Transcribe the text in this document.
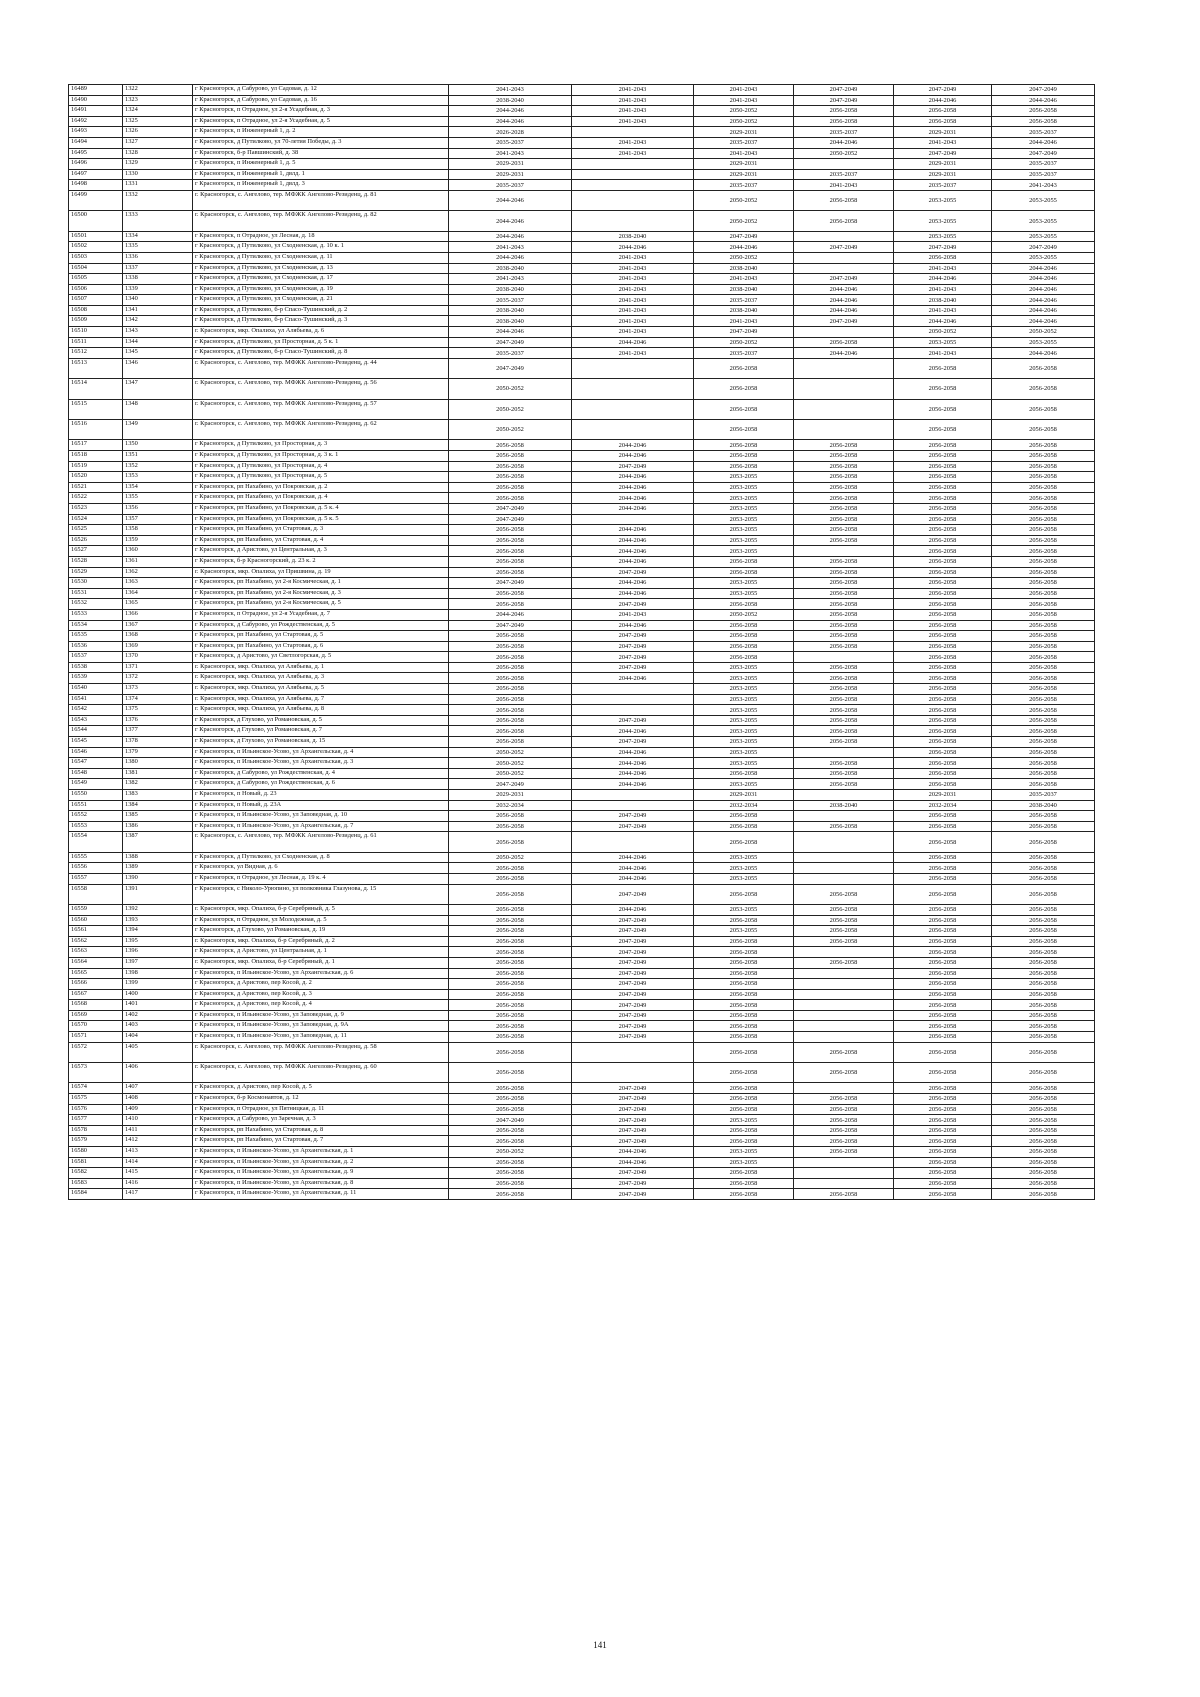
16489	1322	г Красногорск, д Сабурово, ул Садовая, д. 12	2041-2043	2041-2043	2041-2043	2047-2049	2047-2049	2047-2049
16490	1323	г Красногорск, д Сабурово, ул Садовая, д. 16	2038-2040	2041-2043	2041-2043	2047-2049	2044-2046	2044-2046
16491	1324	г Красногорск, п Отрадное, ул 2-я Усадебная, д. 3	2044-2046	2041-2043	2050-2052	2056-2058	2056-2058	2056-2058
16492	1325	г Красногорск, п Отрадное, ул 2-я Усадебная, д. 5	2044-2046	2041-2043	2050-2052	2056-2058	2056-2058	2056-2058
16493	1326	г Красногорск, п Инженерный 1, д. 2	2026-2028		2029-2031	2035-2037	2029-2031	2035-2037
16494	1327	г Красногорск, д Путилково, ул 70-летия Победы, д. 3	2035-2037	2041-2043	2035-2037	2044-2046	2041-2043	2044-2046
16495	1328	г Красногорск, б-р Павшинский, д. 38	2041-2043	2041-2043	2041-2043	2050-2052	2047-2049	2047-2049
16496	1329	г Красногорск, п Инженерный 1, д. 5	2029-2031		2029-2031		2029-2031	2035-2037
16497	1330	г Красногорск, п Инженерный 1, двлд. 1	2029-2031		2029-2031	2035-2037	2029-2031	2035-2037
16498	1331	г Красногорск, п Инженерный 1, двлд. 3	2035-2037		2035-2037	2041-2043	2035-2037	2041-2043
16499	1332	г. Красногорск, с. Ангелово, тер. МФЖК Ангелово-Резиденц, д. 81	2044-2046		2050-2052	2056-2058	2053-2055	2053-2055
16500	1333	г. Красногорск, с. Ангелово, тер. МФЖК Ангелово-Резиденц, д. 82	2044-2046		2050-2052	2056-2058	2053-2055	2053-2055
16501	1334	г Красногорск, п Отрадное, ул Лесная, д. 18	2044-2046	2038-2040	2047-2049		2053-2055	2053-2055
16502	1335	г Красногорск, д Путилково, ул Сходненская, д. 10 к. 1	2041-2043	2044-2046	2044-2046	2047-2049	2047-2049	2047-2049
16503	1336	г Красногорск, д Путилково, ул Сходненская, д. 11	2044-2046	2041-2043	2050-2052		2056-2058	2053-2055
16504	1337	г Красногорск, д Путилково, ул Сходненская, д. 13	2038-2040	2041-2043	2038-2040		2041-2043	2044-2046
16505	1338	г Красногорск, д Путилково, ул Сходненская, д. 17	2041-2043	2041-2043	2041-2043	2047-2049	2044-2046	2044-2046
16506	1339	г Красногорск, д Путилково, ул Сходненская, д. 19	2038-2040	2041-2043	2038-2040	2044-2046	2041-2043	2044-2046
16507	1340	г Красногорск, д Путилково, ул Сходненская, д. 21	2035-2037	2041-2043	2035-2037	2044-2046	2038-2040	2044-2046
16508	1341	г Красногорск, д Путилково, б-р Спасо-Тушинский, д. 2	2038-2040	2041-2043	2038-2040	2044-2046	2041-2043	2044-2046
16509	1342	г Красногорск, д Путилково, б-р Спасо-Тушинский, д. 3	2038-2040	2041-2043	2041-2043	2047-2049	2044-2046	2044-2046
16510	1343	г. Красногорск, мкр. Опалиха, ул Алябьева, д. 6	2044-2046	2041-2043	2047-2049		2050-2052	2050-2052
16511	1344	г Красногорск, д Путилково, ул Просторная, д. 5 к. 1	2047-2049	2044-2046	2050-2052	2056-2058	2053-2055	2053-2055
16512	1345	г Красногорск, д Путилково, б-р Спасо-Тушинский, д. 8	2035-2037	2041-2043	2035-2037	2044-2046	2041-2043	2044-2046
16513	1346	г. Красногорск, с. Ангелово, тер. МФЖК Ангелово-Резиденц, д. 44	2047-2049		2056-2058		2056-2058	2056-2058
16514	1347	г. Красногорск, с. Ангелово, тер. МФЖК Ангелово-Резиденц, д. 56	2050-2052		2056-2058		2056-2058	2056-2058
16515	1348	г. Красногорск, с. Ангелово, тер. МФЖК Ангелово-Резиденц, д. 57	2050-2052		2056-2058		2056-2058	2056-2058
16516	1349	г. Красногорск, с. Ангелово, тер. МФЖК Ангелово-Резиденц, д. 62	2050-2052		2056-2058		2056-2058	2056-2058
16517	1350	г Красногорск, д Путилково, ул Просторная, д. 3	2056-2058	2044-2046	2056-2058	2056-2058	2056-2058	2056-2058
16518	1351	г Красногорск, д Путилково, ул Просторная, д. 3 к. 1	2056-2058	2044-2046	2056-2058	2056-2058	2056-2058	2056-2058
16519	1352	г Красногорск, д Путилково, ул Просторная, д. 4	2056-2058	2047-2049	2056-2058	2056-2058	2056-2058	2056-2058
16520	1353	г Красногорск, д Путилково, ул Просторная, д. 5	2056-2058	2044-2046	2053-2055	2056-2058	2056-2058	2056-2058
16521	1354	г Красногорск, рп Нахабино, ул Покровская, д. 2	2056-2058	2044-2046	2053-2055	2056-2058	2056-2058	2056-2058
16522	1355	г Красногорск, рп Нахабино, ул Покровская, д. 4	2056-2058	2044-2046	2053-2055	2056-2058	2056-2058	2056-2058
16523	1356	г Красногорск, рп Нахабино, ул Покровская, д. 5 к. 4	2047-2049	2044-2046	2053-2055	2056-2058	2056-2058	2056-2058
16524	1357	г Красногорск, рп Нахабино, ул Покровская, д. 5 к. 5	2047-2049		2053-2055	2056-2058	2056-2058	2056-2058
16525	1358	г Красногорск, рп Нахабино, ул Стартовая, д. 3	2056-2058	2044-2046	2053-2055	2056-2058	2056-2058	2056-2058
16526	1359	г Красногорск, рп Нахабино, ул Стартовая, д. 4	2056-2058	2044-2046	2053-2055	2056-2058	2056-2058	2056-2058
16527	1360	г Красногорск, д Аристово, ул Центральная, д. 3	2056-2058	2044-2046	2053-2055		2056-2058	2056-2058
16528	1361	г Красногорск, б-р Красногорский, д. 23 к. 2	2056-2058	2044-2046	2056-2058	2056-2058	2056-2058	2056-2058
16529	1362	г. Красногорск, мкр. Опалиха, ул Пришвина, д. 19	2056-2058	2047-2049	2056-2058	2056-2058	2056-2058	2056-2058
16530	1363	г Красногорск, рп Нахабино, ул 2-я Космическая, д. 1	2047-2049	2044-2046	2053-2055	2056-2058	2056-2058	2056-2058
16531	1364	г Красногорск, рп Нахабино, ул 2-я Космическая, д. 3	2056-2058	2044-2046	2053-2055	2056-2058	2056-2058	2056-2058
16532	1365	г Красногорск, рп Нахабино, ул 2-я Космическая, д. 5	2056-2058	2047-2049	2056-2058	2056-2058	2056-2058	2056-2058
16533	1366	г Красногорск, п Отрадное, ул 2-я Усадебная, д. 7	2044-2046	2041-2043	2050-2052	2056-2058	2056-2058	2056-2058
16534	1367	г Красногорск, д Сабурово, ул Рождественская, д. 5	2047-2049	2044-2046	2056-2058	2056-2058	2056-2058	2056-2058
16535	1368	г Красногорск, рп Нахабино, ул Стартовая, д. 5	2056-2058	2047-2049	2056-2058	2056-2058	2056-2058	2056-2058
16536	1369	г Красногорск, рп Нахабино, ул Стартовая, д. 6	2056-2058	2047-2049	2056-2058	2056-2058	2056-2058	2056-2058
16537	1370	г Красногорск, д Аристово, ул Светлогорская, д. 5	2056-2058	2047-2049	2056-2058		2056-2058	2056-2058
16538	1371	г. Красногорск, мкр. Опалиха, ул Алябьева, д. 1	2056-2058	2047-2049	2053-2055	2056-2058	2056-2058	2056-2058
16539	1372	г. Красногорск, мкр. Опалиха, ул Алябьева, д. 3	2056-2058	2044-2046	2053-2055	2056-2058	2056-2058	2056-2058
16540	1373	г. Красногорск, мкр. Опалиха, ул Алябьева, д. 5	2056-2058		2053-2055	2056-2058	2056-2058	2056-2058
16541	1374	г. Красногорск, мкр. Опалиха, ул Алябьева, д. 7	2056-2058		2053-2055	2056-2058	2056-2058	2056-2058
16542	1375	г. Красногорск, мкр. Опалиха, ул Алябьева, д. 8	2056-2058		2053-2055	2056-2058	2056-2058	2056-2058
16543	1376	г Красногорск, д Глухово, ул Романовская, д. 5	2056-2058	2047-2049	2053-2055	2056-2058	2056-2058	2056-2058
16544	1377	г Красногорск, д Глухово, ул Романовская, д. 7	2056-2058	2044-2046	2053-2055	2056-2058	2056-2058	2056-2058
16545	1378	г Красногорск, д Глухово, ул Романовская, д. 15	2056-2058	2047-2049	2053-2055	2056-2058	2056-2058	2056-2058
16546	1379	г Красногорск, п Ильинское-Усово, ул Архангельская, д. 4	2050-2052	2044-2046	2053-2055		2056-2058	2056-2058
16547	1380	г Красногорск, п Ильинское-Усово, ул Архангельская, д. 3	2050-2052	2044-2046	2053-2055	2056-2058	2056-2058	2056-2058
16548	1381	г Красногорск, д Сабурово, ул Рождественская, д. 4	2050-2052	2044-2046	2056-2058	2056-2058	2056-2058	2056-2058
16549	1382	г Красногорск, д Сабурово, ул Рождественская, д. 6	2047-2049	2044-2046	2053-2055	2056-2058	2056-2058	2056-2058
16550	1383	г Красногорск, п Новый, д. 23	2029-2031		2029-2031		2029-2031	2035-2037
16551	1384	г Красногорск, п Новый, д. 23А	2032-2034		2032-2034	2038-2040	2032-2034	2038-2040
16552	1385	г Красногорск, п Ильинское-Усово, ул Заповедная, д. 10	2056-2058	2047-2049	2056-2058		2056-2058	2056-2058
16553	1386	г Красногорск, п Ильинское-Усово, ул Архангельская, д. 7	2056-2058	2047-2049	2056-2058	2056-2058	2056-2058	2056-2058
16554	1387	г. Красногорск, с. Ангелово, тер. МФЖК Ангелово-Резиденц, д. 61	2056-2058		2056-2058		2056-2058	2056-2058
16555	1388	г Красногорск, д Путилково, ул Сходненская, д. 8	2050-2052	2044-2046	2053-2055		2056-2058	2056-2058
16556	1389	г Красногорск, ул Видная, д. 6	2056-2058	2044-2046	2053-2055		2056-2058	2056-2058
16557	1390	г Красногорск, п Отрадное, ул Лесная, д. 19 к. 4	2056-2058	2044-2046	2053-2055		2056-2058	2056-2058
16558	1391	г Красногорск, с Николо-Урюпино, ул полковника Глазунова, д. 15	2056-2058	2047-2049	2056-2058	2056-2058	2056-2058	2056-2058
16559	1392	г. Красногорск, мкр. Опалиха, б-р Серебряный, д. 5	2056-2058	2044-2046	2053-2055	2056-2058	2056-2058	2056-2058
16560	1393	г Красногорск, п Отрадное, ул Молодежная, д. 5	2056-2058	2047-2049	2056-2058	2056-2058	2056-2058	2056-2058
16561	1394	г Красногорск, д Глухово, ул Романовская, д. 19	2056-2058	2047-2049	2053-2055	2056-2058	2056-2058	2056-2058
16562	1395	г. Красногорск, мкр. Опалиха, б-р Серебряный, д. 2	2056-2058	2047-2049	2056-2058	2056-2058	2056-2058	2056-2058
16563	1396	г Красногорск, д Аристово, ул Центральная, д. 1	2056-2058	2047-2049	2056-2058		2056-2058	2056-2058
16564	1397	г. Красногорск, мкр. Опалиха, б-р Серебряный, д. 1	2056-2058	2047-2049	2056-2058	2056-2058	2056-2058	2056-2058
16565	1398	г Красногорск, п Ильинское-Усово, ул Архангельская, д. 6	2056-2058	2047-2049	2056-2058		2056-2058	2056-2058
16566	1399	г Красногорск, д Аристово, пер Косой, д. 2	2056-2058	2047-2049	2056-2058		2056-2058	2056-2058
16567	1400	г Красногорск, д Аристово, пер Косой, д. 3	2056-2058	2047-2049	2056-2058		2056-2058	2056-2058
16568	1401	г Красногорск, д Аристово, пер Косой, д. 4	2056-2058	2047-2049	2056-2058		2056-2058	2056-2058
16569	1402	г Красногорск, п Ильинское-Усово, ул Заповедная, д. 9	2056-2058	2047-2049	2056-2058		2056-2058	2056-2058
16570	1403	г Красногорск, п Ильинское-Усово, ул Заповедная, д. 9А	2056-2058	2047-2049	2056-2058		2056-2058	2056-2058
16571	1404	г Красногорск, п Ильинское-Усово, ул Заповедная, д. 11	2056-2058	2047-2049	2056-2058		2056-2058	2056-2058
16572	1405	г. Красногорск, с. Ангелово, тер. МФЖК Ангелово-Резиденц, д. 58	2056-2058		2056-2058	2056-2058	2056-2058	2056-2058
16573	1406	г. Красногорск, с. Ангелово, тер. МФЖК Ангелово-Резиденц, д. 60	2056-2058		2056-2058	2056-2058	2056-2058	2056-2058
16574	1407	г Красногорск, д Аристово, пер Косой, д. 5	2056-2058	2047-2049	2056-2058		2056-2058	2056-2058
16575	1408	г Красногорск, б-р Космонавтов, д. 12	2056-2058	2047-2049	2056-2058	2056-2058	2056-2058	2056-2058
16576	1409	г Красногорск, п Отрадное, ул Пятницкая, д. 11	2056-2058	2047-2049	2056-2058	2056-2058	2056-2058	2056-2058
16577	1410	г Красногорск, д Сабурово, ул Заречная, д. 3	2047-2049	2047-2049	2053-2055	2056-2058	2056-2058	2056-2058
16578	1411	г Красногорск, рп Нахабино, ул Стартовая, д. 8	2056-2058	2047-2049	2056-2058	2056-2058	2056-2058	2056-2058
16579	1412	г Красногорск, рп Нахабино, ул Стартовая, д. 7	2056-2058	2047-2049	2056-2058	2056-2058	2056-2058	2056-2058
16580	1413	г Красногорск, п Ильинское-Усово, ул Архангельская, д. 1	2050-2052	2044-2046	2053-2055	2056-2058	2056-2058	2056-2058
16581	1414	г Красногорск, п Ильинское-Усово, ул Архангельская, д. 2	2056-2058	2044-2046	2053-2055		2056-2058	2056-2058
16582	1415	г Красногорск, п Ильинское-Усово, ул Архангельская, д. 9	2056-2058	2047-2049	2056-2058		2056-2058	2056-2058
16583	1416	г Красногорск, п Ильинское-Усово, ул Архангельская, д. 8	2056-2058	2047-2049	2056-2058		2056-2058	2056-2058
16584	1417	г Красногорск, п Ильинское-Усово, ул Архангельская, д. 11	2056-2058	2047-2049	2056-2058	2056-2058	2056-2058	2056-2058
141
